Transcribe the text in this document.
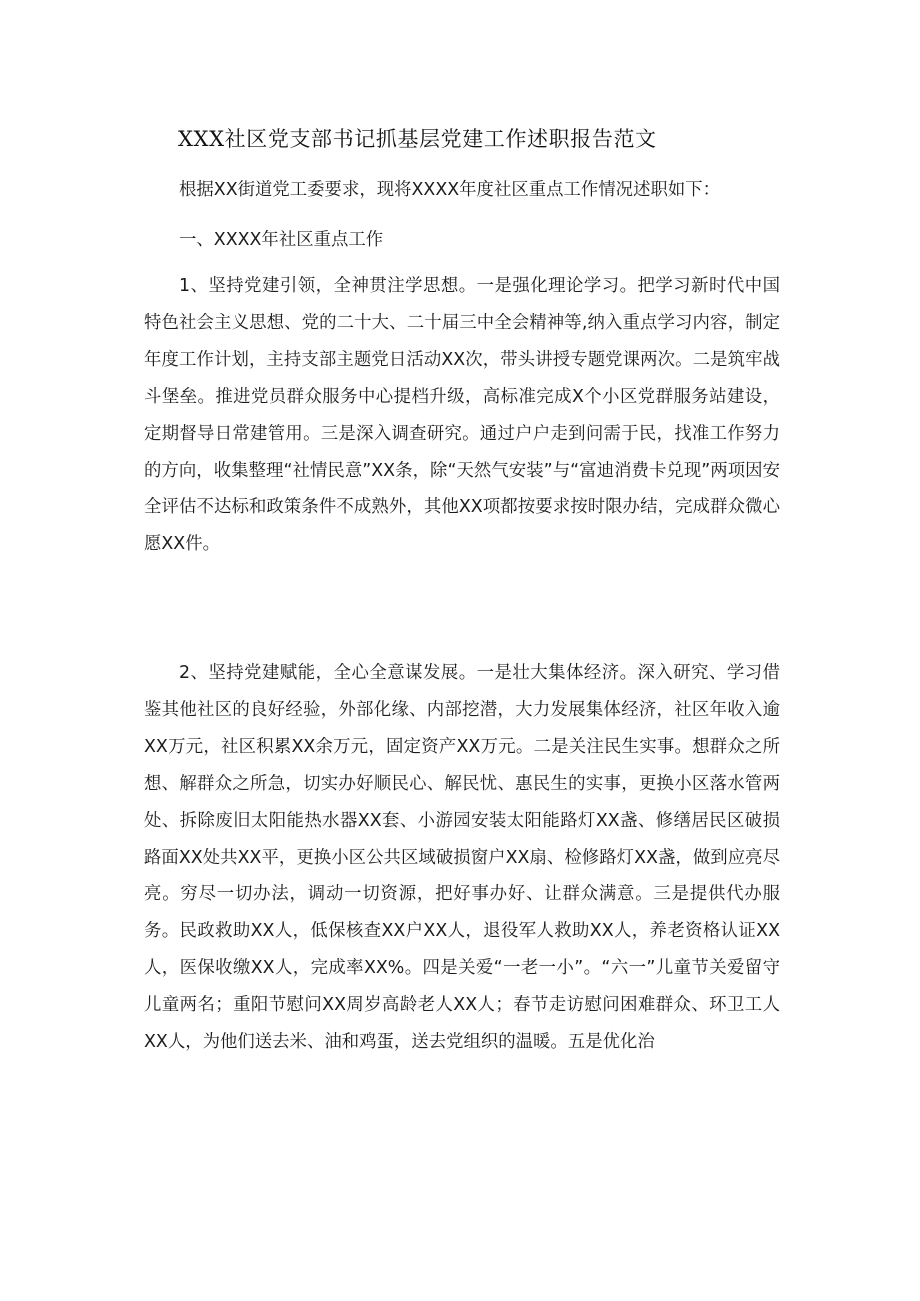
XXX社区党支部书记抓基层党建工作述职报告范文
根据XX街道党工委要求，现将XXXX年度社区重点工作情况述职如下：
一、XXXX年社区重点工作
1、坚持党建引领，全神贯注学思想。一是强化理论学习。把学习新时代中国特色社会主义思想、党的二十大、二十届三中全会精神等,纳入重点学习内容，制定年度工作计划，主持支部主题党日活动XX次，带头讲授专题党课两次。二是筑牢战斗堡垒。推进党员群众服务中心提档升级，高标准完成X个小区党群服务站建设，定期督导日常建管用。三是深入调查研究。通过户户走到问需于民，找准工作努力的方向，收集整理“社情民意”XX条，除“天然气安装”与“富迪消费卡兑现”两项因安全评估不达标和政策条件不成熟外，其他XX项都按要求按时限办结，完成群众微心愿XX件。
2、坚持党建赋能，全心全意谋发展。一是壮大集体经济。深入研究、学习借鉴其他社区的良好经验，外部化缘、内部挖潜，大力发展集体经济，社区年收入逾XX万元，社区积累XX余万元，固定资产XX万元。二是关注民生实事。想群众之所想、解群众之所急，切实办好顺民心、解民忧、惠民生的实事，更换小区落水管两处、拆除废旧太阳能热水器XX套、小游园安装太阳能路灯XX盏、修缮居民区破损路面XX处共XX平，更换小区公共区域破损窗户XX扇、检修路灯XX盏，做到应亮尽亮。穷尽一切办法，调动一切资源，把好事办好、让群众满意。三是提供代办服务。民政救助XX人，低保核查XX户XX人，退役军人救助XX人，养老资格认证XX人，医保收缴XX人，完成率XX%。四是关爱“一老一小”。“六一”儿童节关爱留守儿童两名；重阳节慰问XX周岁高龄老人XX人；春节走访慰问困难群众、环卫工人XX人，为他们送去米、油和鸡蛋，送去党组织的温暖。五是优化治
